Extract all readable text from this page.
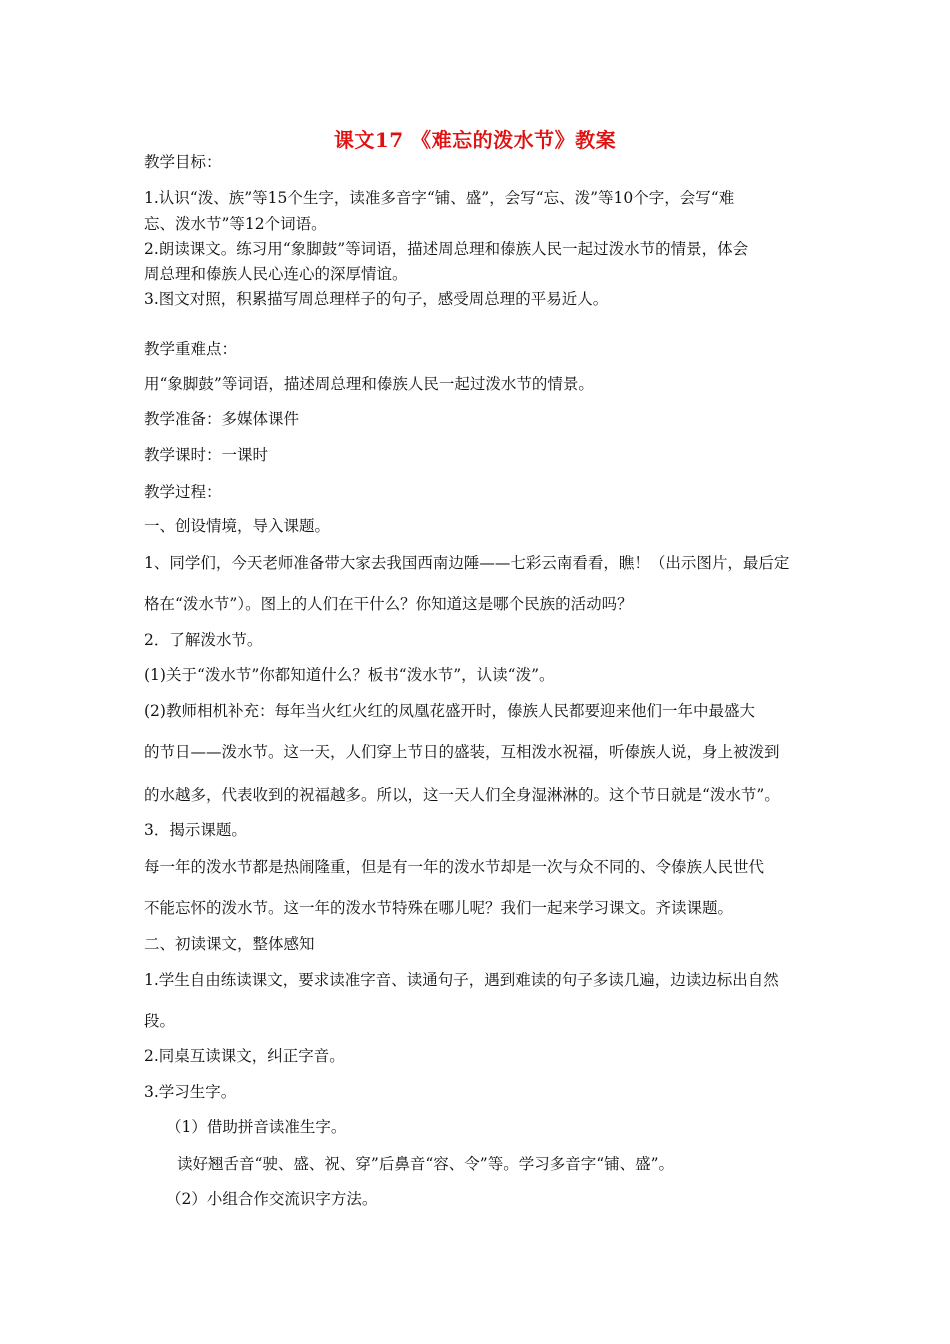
课文17 《难忘的泼水节》教案
教学目标：
1.认识“泼、族”等15个生字，读准多音字“铺、盛”，会写“忘、泼”等10个字，会写“难
忘、泼水节”等12个词语。
2.朗读课文。练习用“象脚鼓”等词语，描述周总理和傣族人民一起过泼水节的情景，体会
周总理和傣族人民心连心的深厚情谊。
3.图文对照，积累描写周总理样子的句子，感受周总理的平易近人。
教学重难点：
用“象脚鼓”等词语，描述周总理和傣族人民一起过泼水节的情景。
教学准备：多媒体课件
教学课时：一课时
教学过程：
一、创设情境，导入课题。
1、同学们，今天老师准备带大家去我国西南边陲——七彩云南看看，瞧！（出示图片，最后定
格在“泼水节”）。图上的人们在干什么？你知道这是哪个民族的活动吗？
2．了解泼水节。
(1)关于“泼水节”你都知道什么？板书“泼水节”，认读“泼”。
(2)教师相机补充：每年当火红火红的凤凰花盛开时，傣族人民都要迎来他们一年中最盛大
的节日——泼水节。这一天，人们穿上节日的盛装，互相泼水祝福，听傣族人说，身上被泼到
的水越多，代表收到的祝福越多。所以，这一天人们全身湿淋淋的。这个节日就是“泼水节”。
3．揭示课题。
每一年的泼水节都是热闹隆重，但是有一年的泼水节却是一次与众不同的、令傣族人民世代
不能忘怀的泼水节。这一年的泼水节特殊在哪儿呢？我们一起来学习课文。齐读课题。
二、初读课文，整体感知
1.学生自由练读课文，要求读准字音、读通句子，遇到难读的句子多读几遍，边读边标出自然
段。
2.同桌互读课文，纠正字音。
3.学习生字。
（1）借助拼音读准生字。
读好翘舌音“驶、盛、祝、穿”后鼻音“容、令”等。学习多音字“铺、盛”。
（2）小组合作交流识字方法。
